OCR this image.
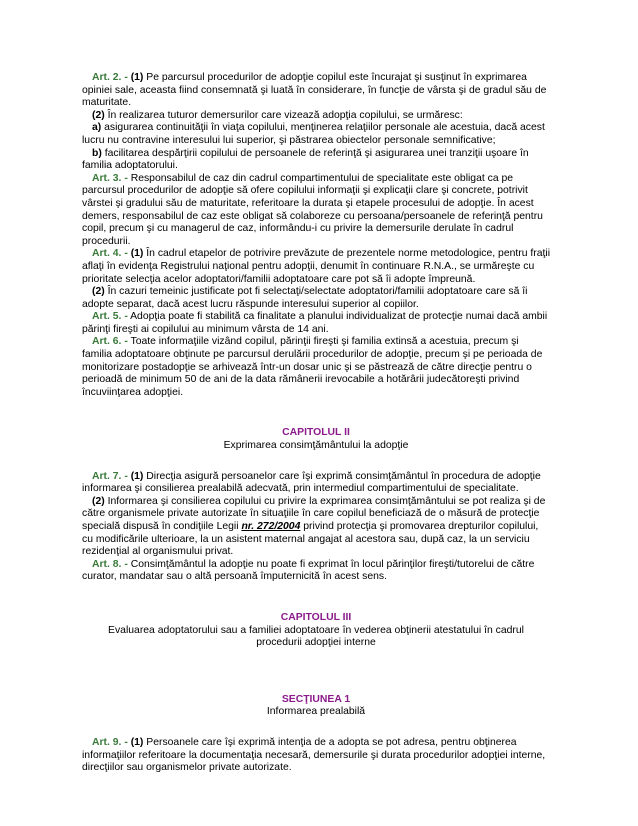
Art. 2. - (1) Pe parcursul procedurilor de adopţie copilul este încurajat şi susţinut în exprimarea opiniei sale, aceasta fiind consemnată şi luată în considerare, în funcţie de vârsta şi de gradul său de maturitate.

(2) În realizarea tuturor demersurilor care vizează adopţia copilului, se urmăresc:

a) asigurarea continuităţii în viaţa copilului, menţinerea relaţiilor personale ale acestuia, dacă acest lucru nu contravine interesului lui superior, şi păstrarea obiectelor personale semnificative;

b) facilitarea despărţirii copilului de persoanele de referinţă şi asigurarea unei tranziţii uşoare în familia adoptatorului.

Art. 3. - Responsabilul de caz din cadrul compartimentului de specialitate este obligat ca pe parcursul procedurilor de adopţie să ofere copilului informaţii şi explicaţii clare şi concrete, potrivit vârstei şi gradului său de maturitate, referitoare la durata şi etapele procesului de adopţie. În acest demers, responsabilul de caz este obligat să colaboreze cu persoana/persoanele de referinţă pentru copil, precum şi cu managerul de caz, informându-i cu privire la demersurile derulate în cadrul procedurii.

Art. 4. - (1) În cadrul etapelor de potrivire prevăzute de prezentele norme metodologice, pentru fraţii aflaţi în evidenţa Registrului naţional pentru adopţii, denumit în continuare R.N.A., se urmăreşte cu prioritate selecţia acelor adoptatori/familii adoptatoare care pot să îi adopte împreună.

(2) În cazuri temeinic justificate pot fi selectaţi/selectate adoptatori/familii adoptatoare care să îi adopte separat, dacă acest lucru răspunde interesului superior al copiilor.

Art. 5. - Adopţia poate fi stabilită ca finalitate a planului individualizat de protecţie numai dacă ambii părinţi fireşti ai copilului au minimum vârsta de 14 ani.

Art. 6. - Toate informaţiile vizând copilul, părinţii fireşti şi familia extinsă a acestuia, precum şi familia adoptatoare obţinute pe parcursul derulării procedurilor de adopţie, precum şi pe perioada de monitorizare postadopţie se arhivează într-un dosar unic şi se păstrează de către direcţie pentru o perioadă de minimum 50 de ani de la data rămânerii irevocabile a hotărârii judecătoreşti privind încuviinţarea adopţiei.

CAPITOLUL II

Exprimarea consimţământului la adopţie

Art. 7. - (1) Direcţia asigură persoanelor care îşi exprimă consimţământul în procedura de adopţie informarea şi consilierea prealabilă adecvată, prin intermediul compartimentului de specialitate.

(2) Informarea şi consilierea copilului cu privire la exprimarea consimţământului se pot realiza şi de către organismele private autorizate în situaţiile în care copilul beneficiază de o măsură de protecţie specială dispusă în condiţiile Legii nr. 272/2004 privind protecţia şi promovarea drepturilor copilului, cu modificările ulterioare, la un asistent maternal angajat al acestora sau, după caz, la un serviciu rezidenţial al organismului privat.

Art. 8. - Consimţământul la adopţie nu poate fi exprimat în locul părinţilor fireşti/tutorelui de către curator, mandatar sau o altă persoană împuternicită în acest sens.

CAPITOLUL III

Evaluarea adoptatorului sau a familiei adoptatoare în vederea obţinerii atestatului în cadrul procedurii adopţiei interne

SECŢIUNEA 1

Informarea prealabilă

Art. 9. - (1) Persoanele care îşi exprimă intenţia de a adopta se pot adresa, pentru obţinerea informaţiilor referitoare la documentaţia necesară, demersurile şi durata procedurilor adopţiei interne, direcţiilor sau organismelor private autorizate.
